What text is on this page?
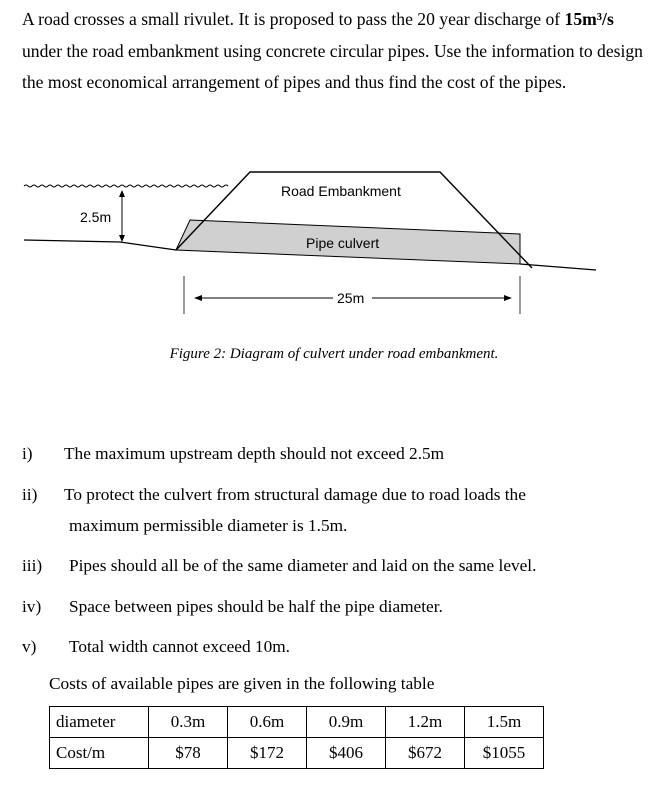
A road crosses a small rivulet. It is proposed to pass the 20 year discharge of 15m³/s under the road embankment using concrete circular pipes. Use the information to design the most economical arrangement of pipes and thus find the cost of the pipes.

2.5m
Road Embankment
Pipe culvert
25m
Figure 2: Diagram of culvert under road embankment.
i) The maximum upstream depth should not exceed 2.5m
ii) To protect the culvert from structural damage due to road loads the
maximum permissible diameter is 1.5m.
iii) Pipes should all be of the same diameter and laid on the same level.
iv) Space between pipes should be half the pipe diameter.
v) Total width cannot exceed 10m.
Costs of available pipes are given in the following table
diameter	0.3m	0.6m	0.9m	1.2m	1.5m
Cost/m	$78	$172	$406	$672	$1055
